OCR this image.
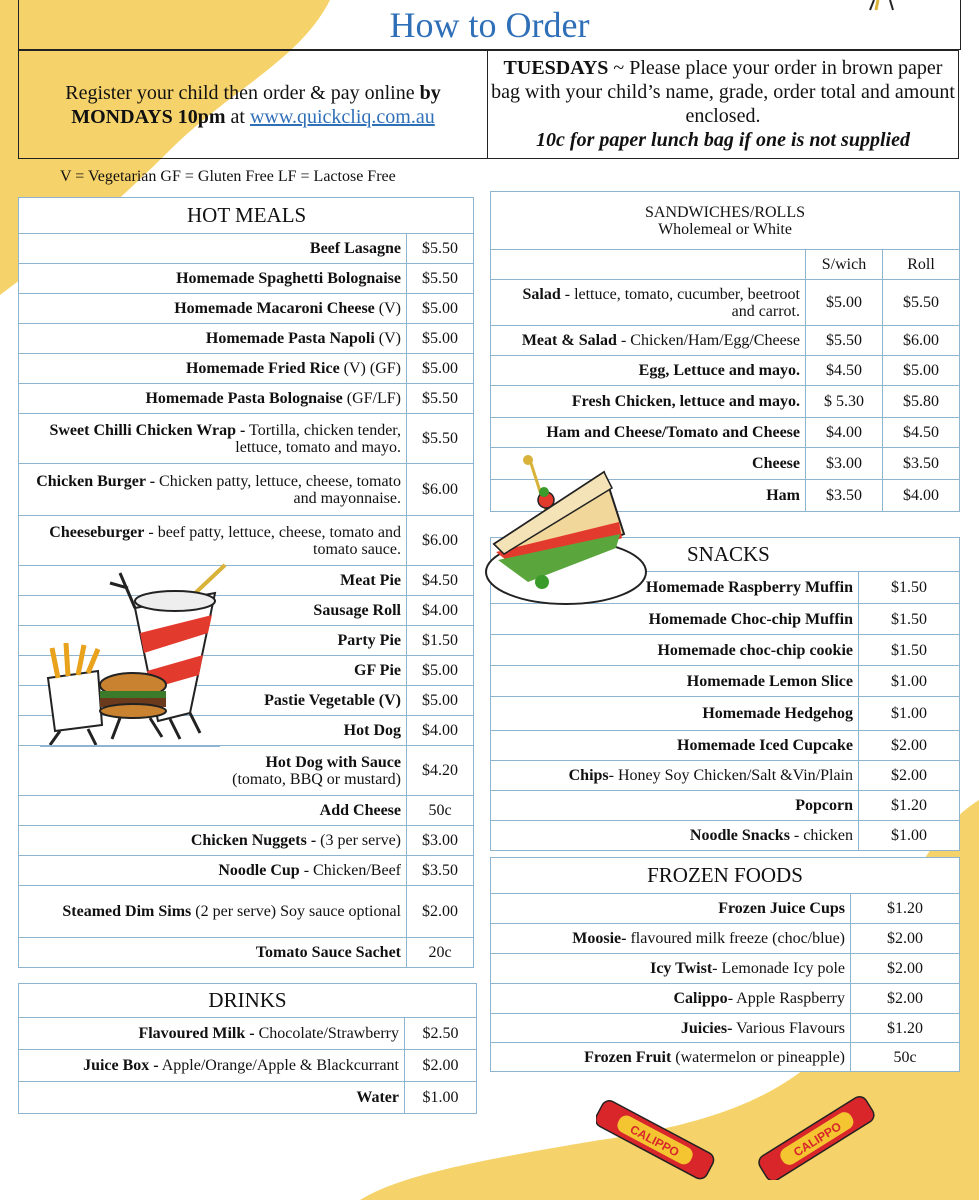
How to Order
Register your child then order & pay online by MONDAYS 10pm at www.quickcliq.com.au
TUESDAYS ~ Please place your order in brown paper bag with your child’s name, grade, order total and amount enclosed.
10c for paper lunch bag if one is not supplied
V = Vegetarian GF = Gluten Free LF = Lactose Free
HOT MEALS	
Beef Lasagne	$5.50
Homemade Spaghetti Bolognaise	$5.50
Homemade Macaroni Cheese (V)	$5.00
Homemade Pasta Napoli (V)	$5.00
Homemade Fried Rice (V) (GF)	$5.00
Homemade Pasta Bolognaise (GF/LF)	$5.50
Sweet Chilli Chicken Wrap - Tortilla, chicken tender, lettuce, tomato and mayo.	$5.50
Chicken Burger - Chicken patty, lettuce, cheese, tomato and mayonnaise.	$6.00
Cheeseburger - beef patty, lettuce, cheese, tomato and tomato sauce.	$6.00
Meat Pie	$4.50
Sausage Roll	$4.00
Party Pie	$1.50
GF Pie	$5.00
Pastie Vegetable (V)	$5.00
Hot Dog	$4.00
Hot Dog with Sauce
(tomato, BBQ or mustard)	$4.20
Add Cheese	50c
Chicken Nuggets - (3 per serve)	$3.00
Noodle Cup - Chicken/Beef	$3.50
Steamed Dim Sims (2 per serve) Soy sauce optional	$2.00
Tomato Sauce Sachet	20c
DRINKS	
Flavoured Milk - Chocolate/Strawberry	$2.50
Juice Box - Apple/Orange/Apple & Blackcurrant	$2.00
Water	$1.00
SANDWICHES/ROLLS
Wholemeal or White		
	S/wich	Roll
Salad - lettuce, tomato, cucumber, beetroot and carrot.	$5.00	$5.50
Meat & Salad - Chicken/Ham/Egg/Cheese	$5.50	$6.00
Egg, Lettuce and mayo.	$4.50	$5.00
Fresh Chicken, lettuce and mayo.	$ 5.30	$5.80
Ham and Cheese/Tomato and Cheese	$4.00	$4.50
Cheese	$3.00	$3.50
Ham	$3.50	$4.00
SNACKS	
Homemade Raspberry Muffin	$1.50
Homemade Choc-chip Muffin	$1.50
Homemade choc-chip cookie	$1.50
Homemade Lemon Slice	$1.00
Homemade Hedgehog	$1.00
Homemade Iced Cupcake	$2.00
Chips- Honey Soy Chicken/Salt &Vin/Plain	$2.00
Popcorn	$1.20
Noodle Snacks - chicken	$1.00
FROZEN FOODS	
Frozen Juice Cups	$1.20
Moosie- flavoured milk freeze (choc/blue)	$2.00
Icy Twist- Lemonade Icy pole	$2.00
Calippo- Apple Raspberry	$2.00
Juicies- Various Flavours	$1.20
Frozen Fruit (watermelon or pineapple)	50c
CALIPPO	CALIPPO
